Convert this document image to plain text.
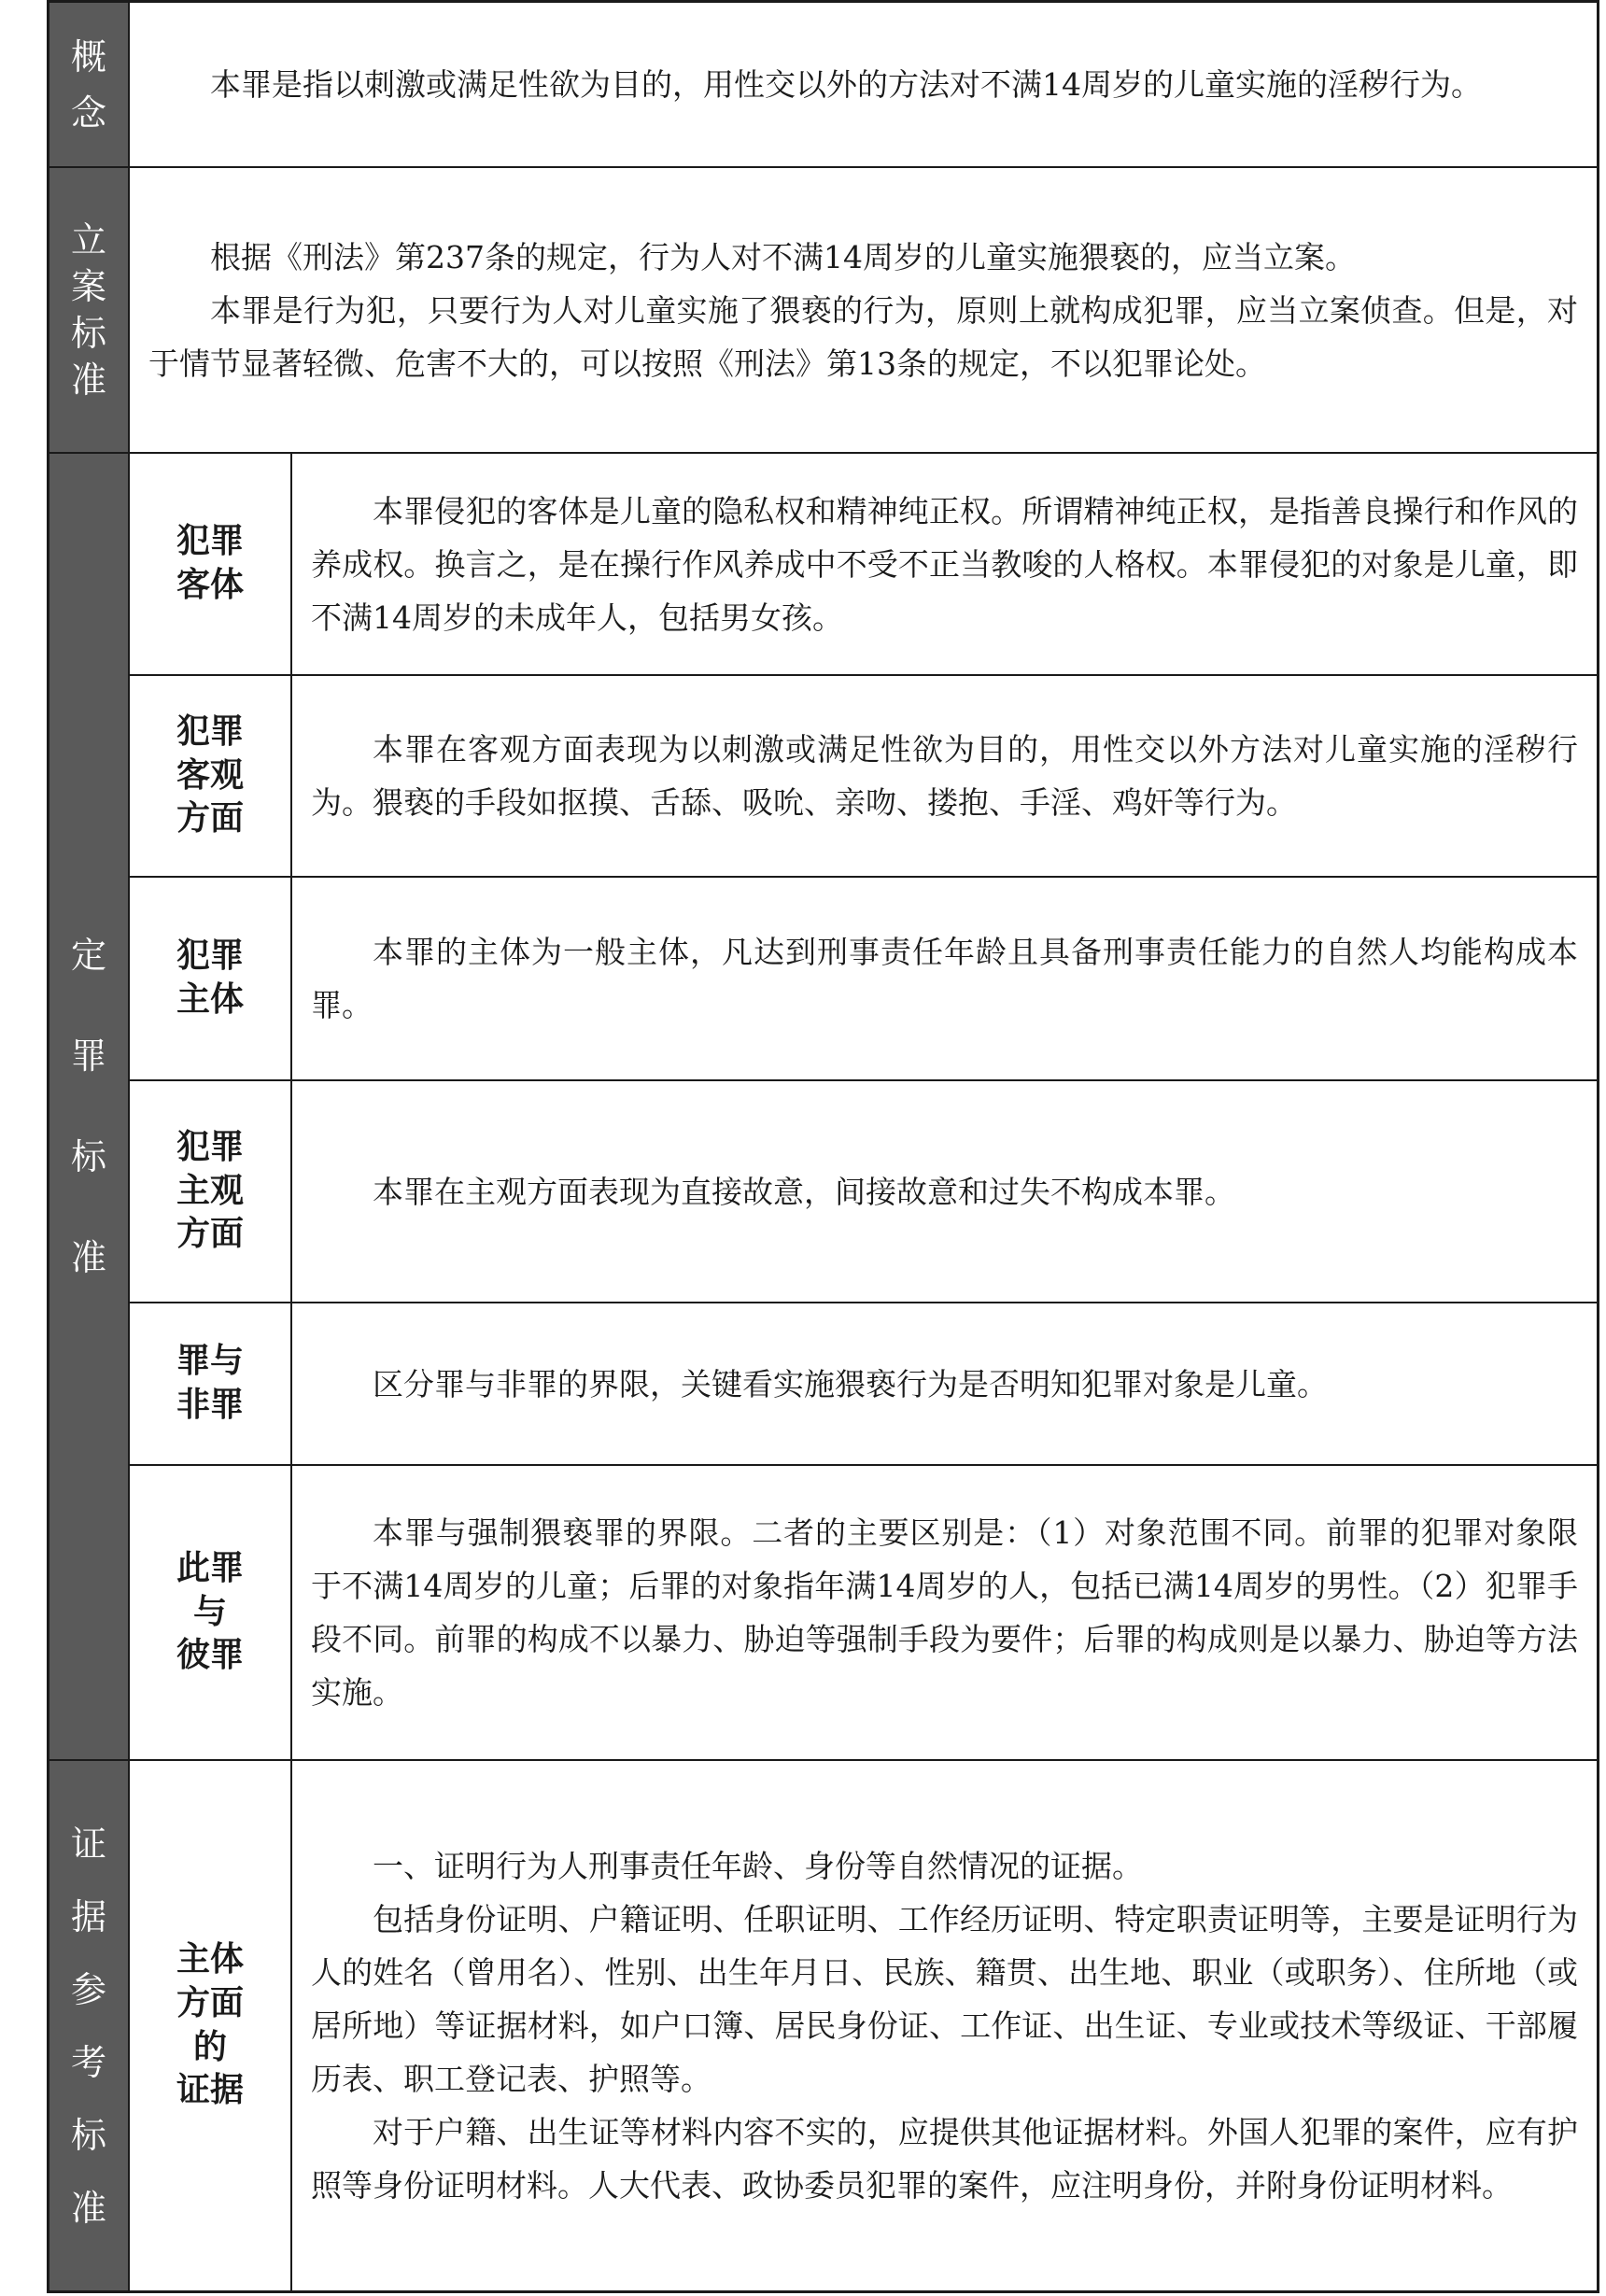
概
念

本罪是指以刺激或满足性欲为目的，用性交以外的方法对不满14周岁的儿童实施的淫秽行为。

立
案
标
准

根据《刑法》第237条的规定，行为人对不满14周岁的儿童实施猥亵的，应当立案。

本罪是行为犯，只要行为人对儿童实施了猥亵的行为，原则上就构成犯罪，应当立案侦查。但是，对于情节显著轻微、危害不大的，可以按照《刑法》第13条的规定，不以犯罪论处。

定
罪
标
准
犯罪
客体

本罪侵犯的客体是儿童的隐私权和精神纯正权。所谓精神纯正权，是指善良操行和作风的养成权。换言之，是在操行作风养成中不受不正当教唆的人格权。本罪侵犯的对象是儿童，即不满14周岁的未成年人，包括男女孩。

犯罪
客观
方面

本罪在客观方面表现为以刺激或满足性欲为目的，用性交以外方法对儿童实施的淫秽行为。猥亵的手段如抠摸、舌舔、吸吮、亲吻、搂抱、手淫、鸡奸等行为。

犯罪
主体

本罪的主体为一般主体，凡达到刑事责任年龄且具备刑事责任能力的自然人均能构成本罪。

犯罪
主观
方面

本罪在主观方面表现为直接故意，间接故意和过失不构成本罪。

罪与
非罪

区分罪与非罪的界限，关键看实施猥亵行为是否明知犯罪对象是儿童。

此罪
与
彼罪

本罪与强制猥亵罪的界限。二者的主要区别是：（1）对象范围不同。前罪的犯罪对象限于不满14周岁的儿童；后罪的对象指年满14周岁的人，包括已满14周岁的男性。（2）犯罪手段不同。前罪的构成不以暴力、胁迫等强制手段为要件；后罪的构成则是以暴力、胁迫等方法实施。

证
据
参
考
标
准
主体
方面
的
证据

一、证明行为人刑事责任年龄、身份等自然情况的证据。

包括身份证明、户籍证明、任职证明、工作经历证明、特定职责证明等，主要是证明行为人的姓名（曾用名）、性别、出生年月日、民族、籍贯、出生地、职业（或职务）、住所地（或居所地）等证据材料，如户口簿、居民身份证、工作证、出生证、专业或技术等级证、干部履历表、职工登记表、护照等。

对于户籍、出生证等材料内容不实的，应提供其他证据材料。外国人犯罪的案件，应有护照等身份证明材料。人大代表、政协委员犯罪的案件，应注明身份，并附身份证明材料。
